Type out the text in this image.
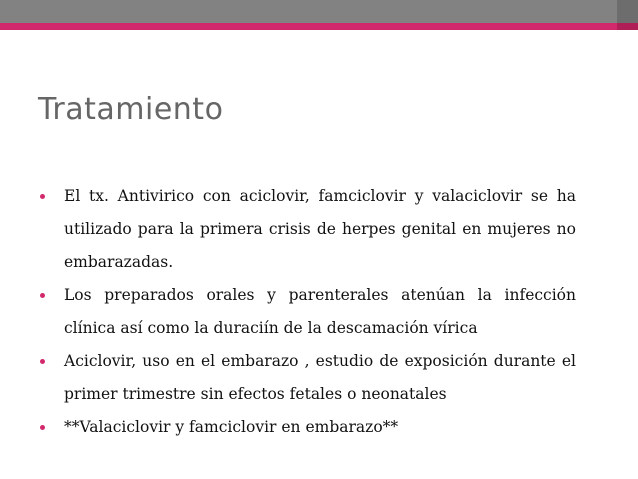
Tratamiento
El tx. Antivirico con aciclovir, famciclovir y valaciclovir se ha utilizado para la primera crisis de herpes genital en mujeres no embarazadas.
Los preparados orales y parenterales atenúan la infección clínica así como la duraciín de la descamación vírica
Aciclovir, uso en el embarazo , estudio de exposición durante el primer trimestre sin efectos fetales o neonatales
**Valaciclovir y famciclovir en embarazo**
